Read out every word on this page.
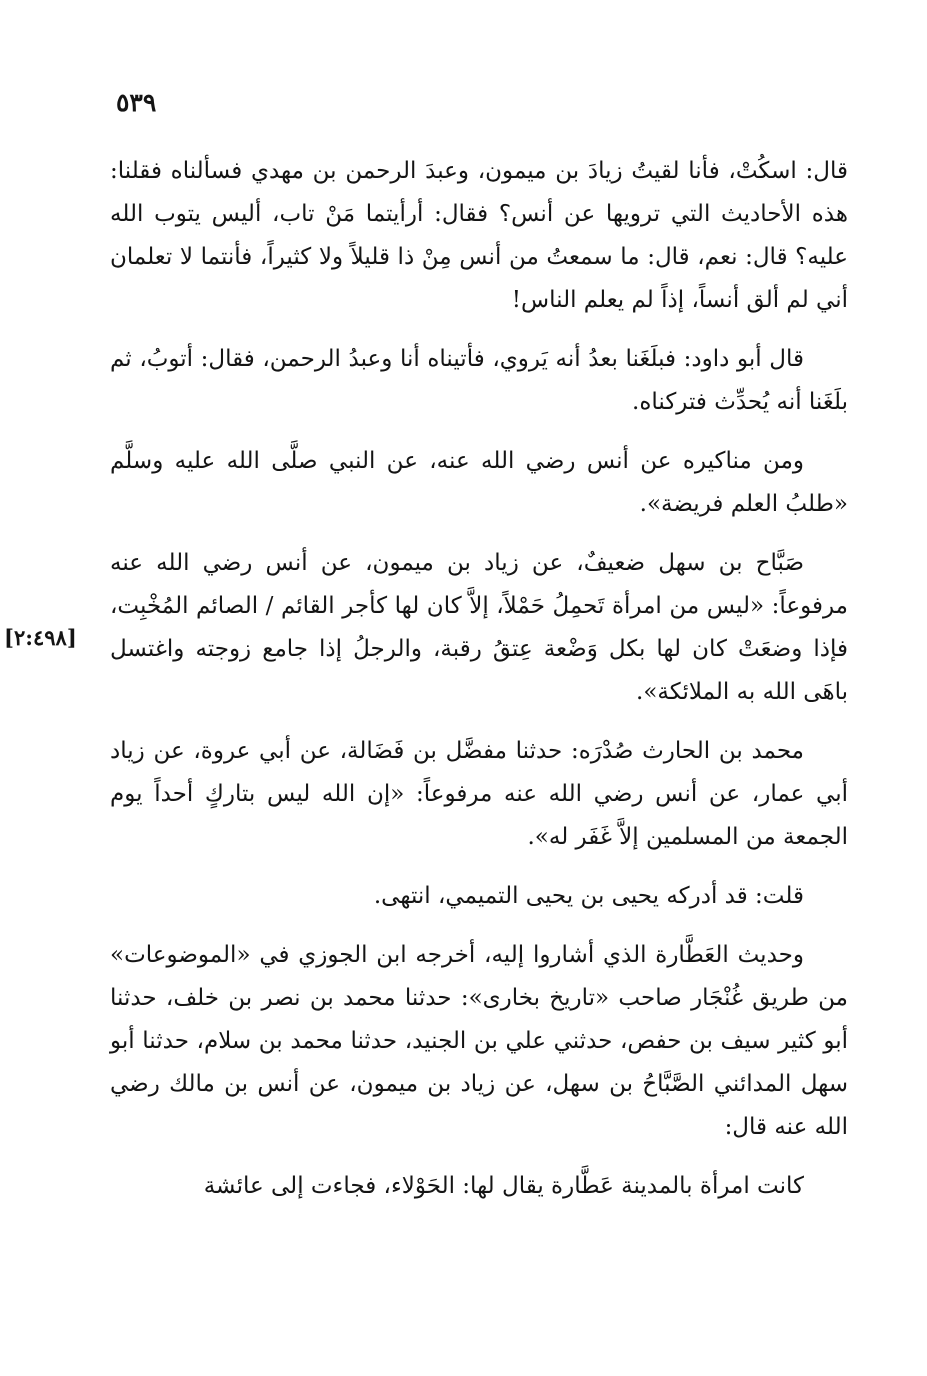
٥٣٩
[٢:٤٩٨]

قال: اسكُتْ، فأنا لقيتُ زيادَ بن ميمون، وعبدَ الرحمن بن مهدي فسألناه فقلنا: هذه الأحاديث التي ترويها عن أنس؟ فقال: أرأيتما مَنْ تاب، أليس يتوب الله عليه؟ قال: نعم، قال: ما سمعتُ من أنس مِنْ ذا قليلاً ولا كثيراً، فأنتما لا تعلمان أني لم ألق أنساً، إذاً لم يعلم الناس!

قال أبو داود: فبلَغَنا بعدُ أنه يَروي، فأتيناه أنا وعبدُ الرحمن، فقال: أتوبُ، ثم بلَغَنا أنه يُحدِّث فتركناه.

ومن مناكيره عن أنس رضي الله عنه، عن النبي صلَّى الله عليه وسلَّم «طلبُ العلم فريضة».

صَبَّاح بن سهل ضعيفٌ، عن زياد بن ميمون، عن أنس رضي الله عنه مرفوعاً: «ليس من امرأة تَحمِلُ حَمْلاً، إلاَّ كان لها كأجر القائم / الصائم المُخْبِت، فإذا وضعَتْ كان لها بكل وَضْعة عِتقُ رقبة، والرجلُ إذا جامع زوجته واغتسل باهَى الله به الملائكة».

محمد بن الحارث صُدْرَه: حدثنا مفضَّل بن فَضَالة، عن أبي عروة، عن زياد أبي عمار، عن أنس رضي الله عنه مرفوعاً: «إن الله ليس بتاركٍ أحداً يوم الجمعة من المسلمين إلاَّ غَفَر له».

قلت: قد أدركه يحيى بن يحيى التميمي، انتهى.

وحديث العَطَّارة الذي أشاروا إليه، أخرجه ابن الجوزي في «الموضوعات» من طريق غُنْجَار صاحب «تاريخ بخارى»: حدثنا محمد بن نصر بن خلف، حدثنا أبو كثير سيف بن حفص، حدثني علي بن الجنيد، حدثنا محمد بن سلام، حدثنا أبو سهل المدائني الصَّبَّاحُ بن سهل، عن زياد بن ميمون، عن أنس بن مالك رضي الله عنه قال:

كانت امرأة بالمدينة عَطَّارة يقال لها: الحَوْلاء، فجاءت إلى عائشة
